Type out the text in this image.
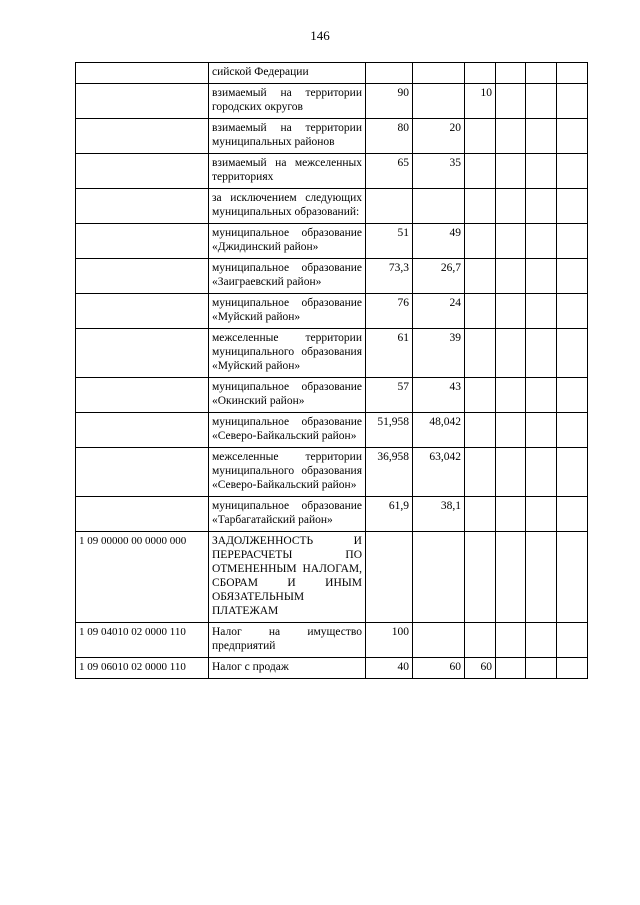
146
	сийской Федерации						
	взимаемый на территории городских округов	90		10			
	взимаемый на территории муниципальных районов	80	20				
	взимаемый на межселенных территориях	65	35				
	за исключением следующих муниципальных образований:						
	муниципальное образование «Джидинский район»	51	49				
	муниципальное образование «Заиграевский район»	73,3	26,7				
	муниципальное образование «Муйский район»	76	24				
	межселенные территории муниципального образования «Муйский район»	61	39				
	муниципальное образование «Окинский район»	57	43				
	муниципальное образование «Северо-Байкальский район»	51,958	48,042				
	межселенные территории муниципального образования «Северо-Байкальский район»	36,958	63,042				
	муниципальное образование «Тарбагатайский район»	61,9	38,1				
1 09 00000 00 0000 000	ЗАДОЛЖЕННОСТЬ И ПЕРЕРАСЧЕТЫ ПО ОТМЕНЕННЫМ НАЛОГАМ, СБОРАМ И ИНЫМ ОБЯЗАТЕЛЬНЫМ ПЛАТЕЖАМ						
1 09 04010 02 0000 110	Налог на имущество предприятий	100					
1 09 06010 02 0000 110	Налог с продаж	40	60	60			
